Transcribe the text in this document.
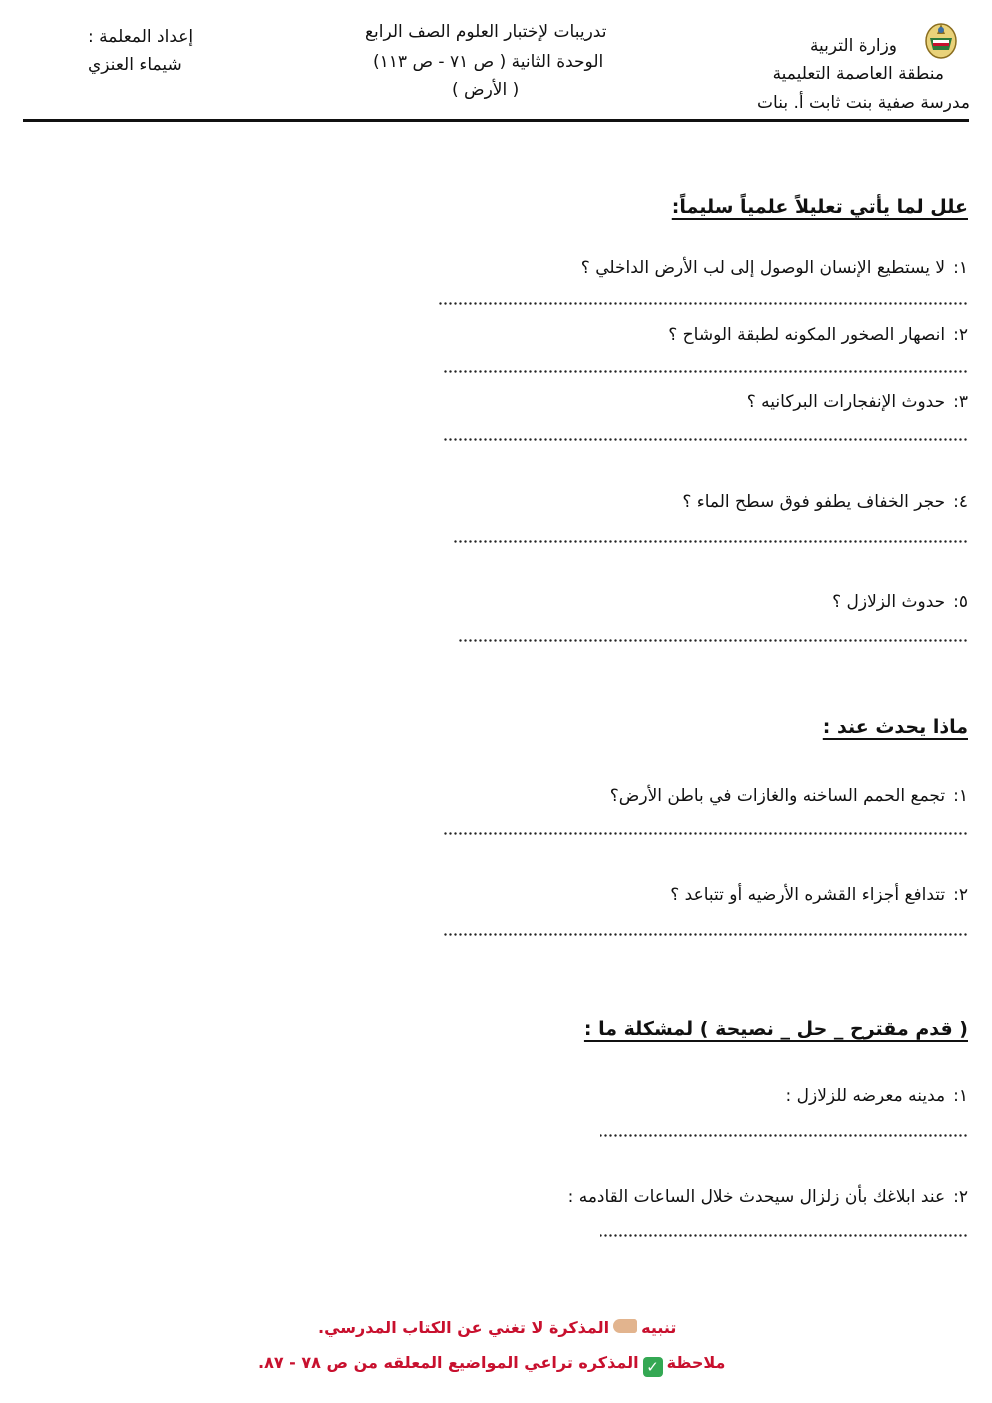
وزارة التربية
منطقة العاصمة التعليمية
مدرسة صفية بنت ثابت أ. بنات
تدريبات لإختبار العلوم الصف الرابع
الوحدة الثانية ( ص ٧١ - ص ١١٣)
( الأرض )
إعداد المعلمة :
شيماء العنزي
علل لما يأتي تعليلاً علمياً سليماً:
١:لا يستطيع الإنسان الوصول إلى لب الأرض الداخلي ؟
٢:انصهار الصخور المكونه لطبقة الوشاح ؟
٣:حدوث الإنفجارات البركانيه ؟
٤:حجر الخفاف يطفو فوق سطح الماء ؟
٥:حدوث الزلازل ؟
ماذا يحدث عند :
١:تجمع الحمم الساخنه والغازات في باطن الأرض؟
٢:تتدافع أجزاء القشره الأرضيه أو تتباعد ؟
( قدم مقترح _ حل _ نصيحة ) لمشكلة ما :
١:مدينه معرضه للزلازل :
٢:عند ابلاغك بأن زلزال سيحدث خلال الساعات القادمه :
تنبيهالمذكرة لا تغني عن الكتاب المدرسي.
ملاحظة✓المذكره تراعي المواضيع المعلقه من ص ٧٨ - ٨٧.
